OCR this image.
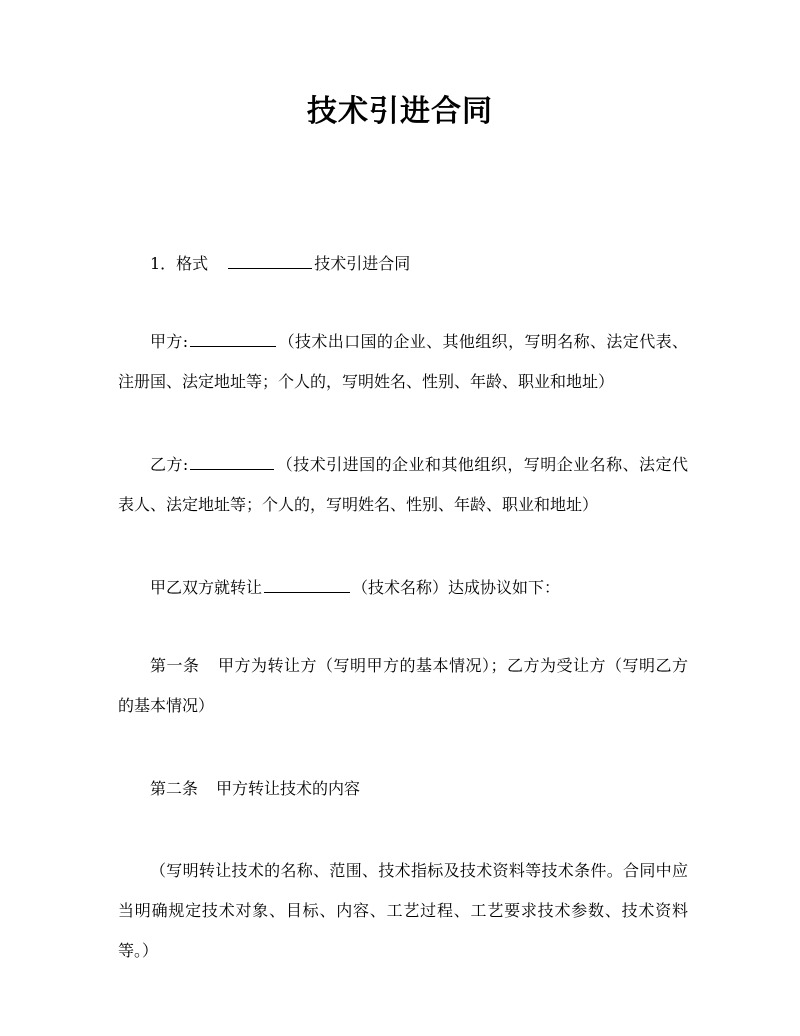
技术引进合同
1．格式	技术引进合同
甲方:	（技术出口国的企业、其他组织，写明名称、法定代表、注册国、法定地址等；个人的，写明姓名、性别、年龄、职业和地址）
乙方:	（技术引进国的企业和其他组织，写明企业名称、法定代表人、法定地址等；个人的，写明姓名、性别、年龄、职业和地址）
甲乙双方就转让	（技术名称）达成协议如下：
第一条 甲方为转让方（写明甲方的基本情况）；乙方为受让方（写明乙方的基本情况）
第二条 甲方转让技术的内容
（写明转让技术的名称、范围、技术指标及技术资料等技术条件。合同中应当明确规定技术对象、目标、内容、工艺过程、工艺要求技术参数、技术资料等。）
